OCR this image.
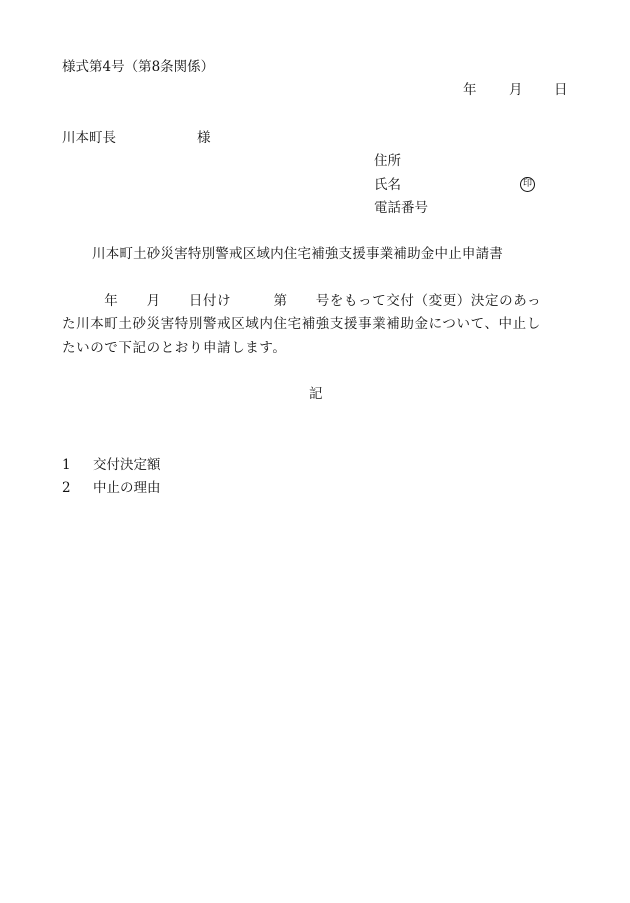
様式第4号（第8条関係）
年 月 日
川本町長	様
住所
氏名	印
電話番号
川本町土砂災害特別警戒区域内住宅補強支援事業補助金中止申請書
　　　年　　月　　日付け　　　第　　号をもって交付（変更）決定のあっ
た川本町土砂災害特別警戒区域内住宅補強支援事業補助金について、中止し
たいので下記のとおり申請します。
記
1 交付決定額
2 中止の理由
